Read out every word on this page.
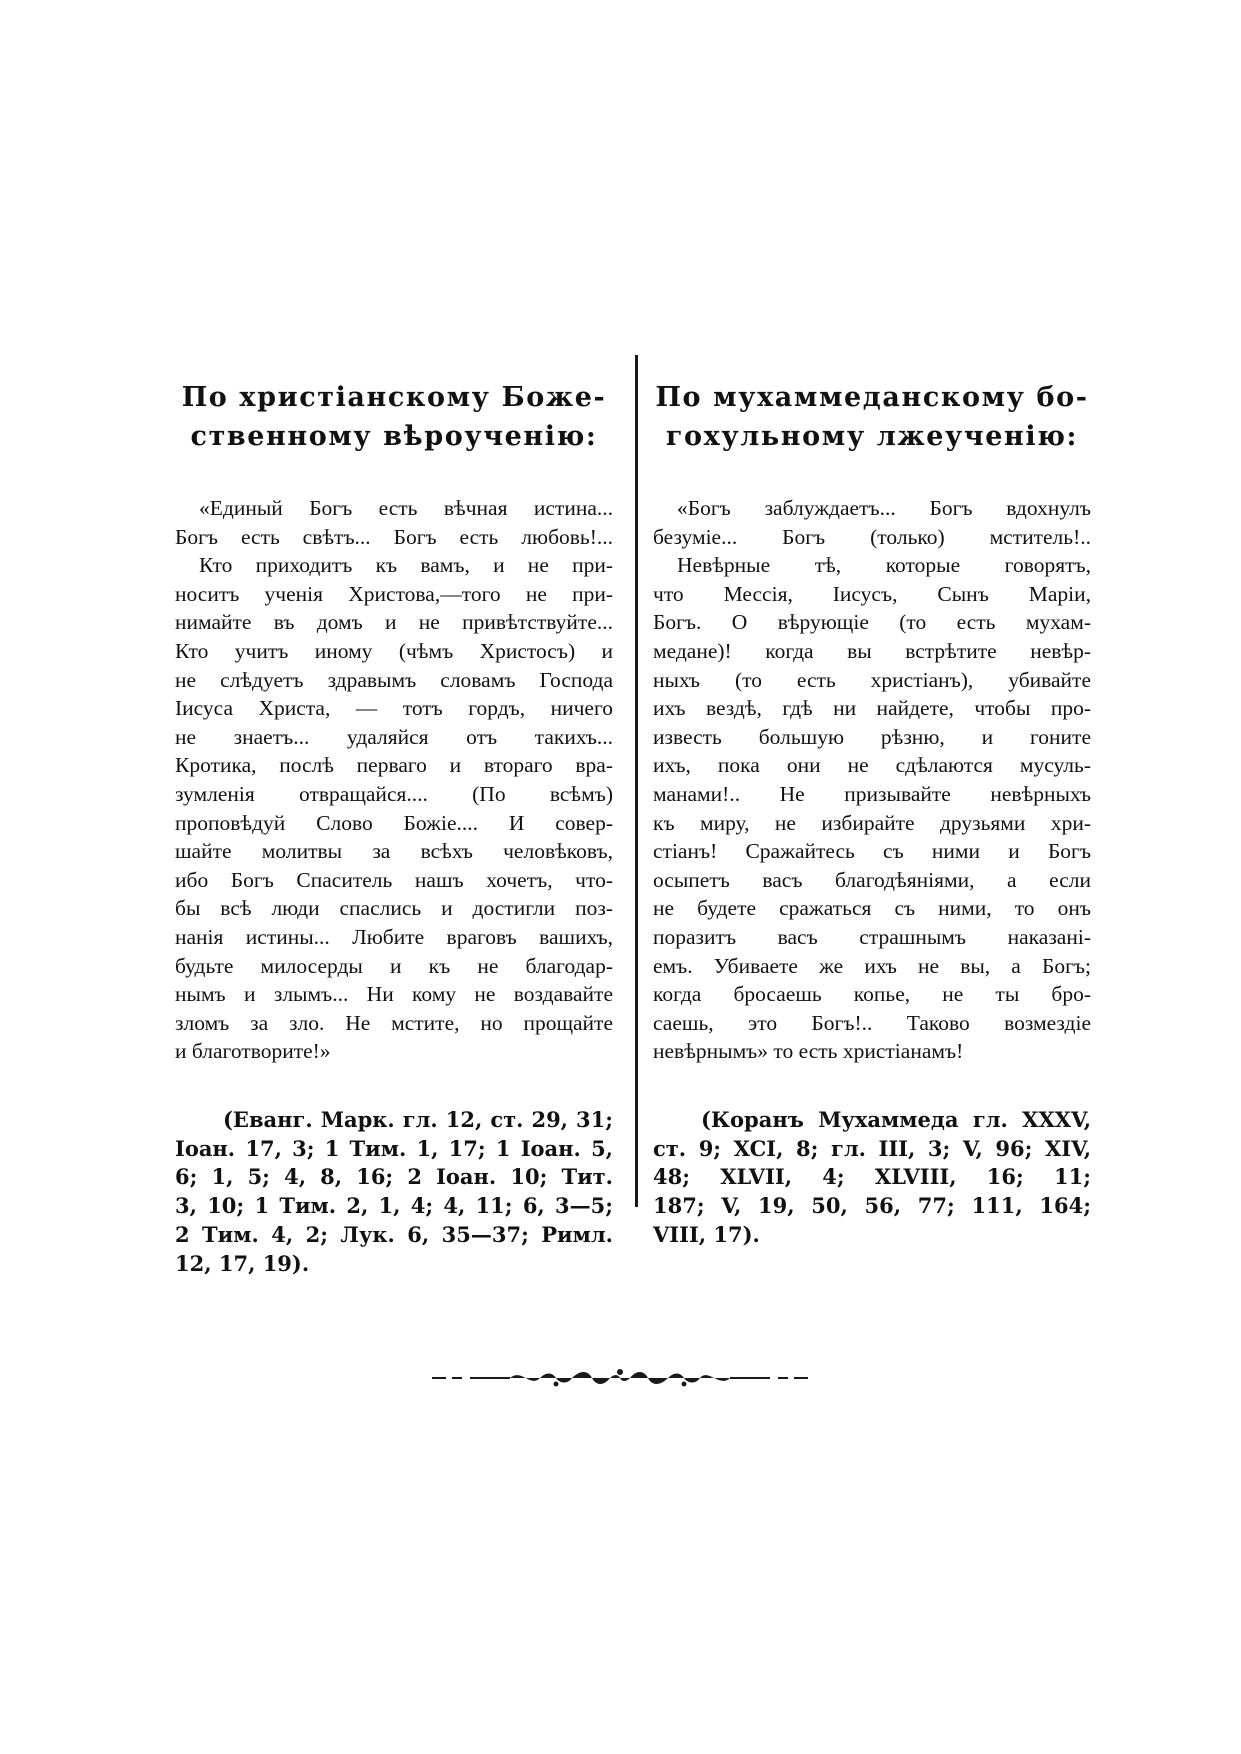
По христіанскому Боже-
ственному вѣроученію:
«Единый Богъ есть вѣчная истина...
Богъ есть свѣтъ... Богъ есть любовь!...
Кто приходитъ къ вамъ, и не при-
носитъ ученія Христова,—того не при-
нимайте въ домъ и не привѣтствуйте...
Кто учитъ иному (чѣмъ Христосъ) и
не слѣдуетъ здравымъ словамъ Господа
Іисуса Христа, — тотъ гордъ, ничего
не знаетъ... удаляйся отъ такихъ...
Кротика, послѣ перваго и втораго вра-
зумленія отвращайся.... (По всѣмъ)
проповѣдуй Слово Божіе.... И совер-
шайте молитвы за всѣхъ человѣковъ,
ибо Богъ Спаситель нашъ хочетъ, что-
бы всѣ люди спаслись и достигли поз-
нанія истины... Любите враговъ вашихъ,
будьте милосерды и къ не благодар-
нымъ и злымъ... Ни кому не воздавайте
зломъ за зло. Не мстите, но прощайте
и благотворите!»
(Еванг. Марк. гл. 12, ст. 29, 31;
Іоан. 17, 3; 1 Тим. 1, 17; 1 Іоан. 5,
6; 1, 5; 4, 8, 16; 2 Іоан. 10; Тит.
3, 10; 1 Тим. 2, 1, 4; 4, 11; 6, 3—5;
2 Тим. 4, 2; Лук. 6, 35—37; Римл.
12, 17, 19).
По мухаммеданскому бо-
гохульному лжеученію:
«Богъ заблуждаетъ... Богъ вдохнулъ
безуміе... Богъ (только) мститель!..
Невѣрные тѣ, которые говорятъ,
что Мессія, Іисусъ, Сынъ Маріи,
Богъ. О вѣрующіе (то есть мухам-
медане)! когда вы встрѣтите невѣр-
ныхъ (то есть христіанъ), убивайте
ихъ вездѣ, гдѣ ни найдете, чтобы про-
известь большую рѣзню, и гоните
ихъ, пока они не сдѣлаются мусуль-
манами!.. Не призывайте невѣрныхъ
къ миру, не избирайте друзьями хри-
стіанъ! Сражайтесь съ ними и Богъ
осыпетъ васъ благодѣяніями, а если
не будете сражаться съ ними, то онъ
поразитъ васъ страшнымъ наказані-
емъ. Убиваете же ихъ не вы, а Богъ;
когда бросаешь копье, не ты бро-
саешь, это Богъ!.. Таково возмездіе
невѣрнымъ» то есть христіанамъ!
(Коранъ Мухаммеда гл. XXXV,
ст. 9; XCI, 8; гл. III, 3; V, 96; XIV,
48; XLVII, 4; XLVIII, 16; 11;
187; V, 19, 50, 56, 77; 111, 164;
VIII, 17).
